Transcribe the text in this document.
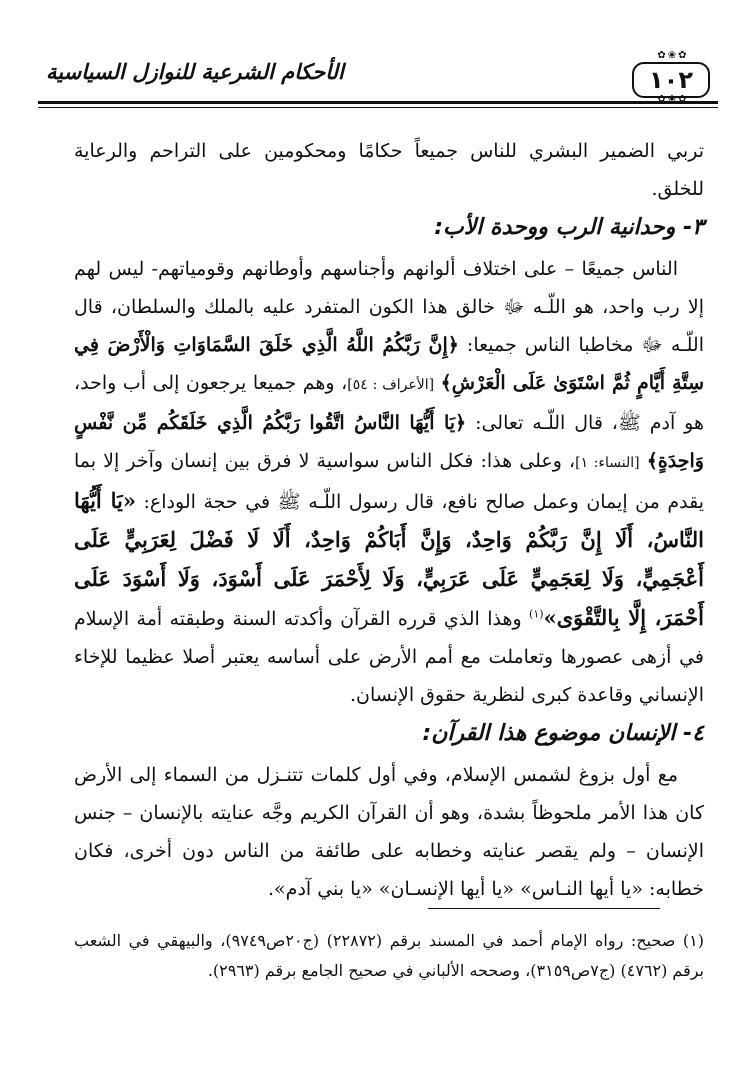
الأحكام الشرعية للنوازل السياسية
✿❀✿
١٠٢
✿❀✿

تربي الضمير البشري للناس جميعاً حكامًا ومحكومين على التراحم والرعاية للخلق.

٣- وحدانية الرب ووحدة الأب:

الناس جميعًا – على اختلاف ألوانهم وأجناسهم وأوطانهم وقومياتهم- ليس لهم إلا رب واحد، هو اللّـه ﷻ خالق هذا الكون المتفرد عليه بالملك والسلطان، قال اللّـه ﷻ مخاطبا الناس جميعا: ﴿إِنَّ رَبَّكُمُ اللَّهُ الَّذِي خَلَقَ السَّمَاوَاتِ وَالْأَرْضَ فِي سِتَّةِ أَيَّامٍ ثُمَّ اسْتَوَىٰ عَلَى الْعَرْشِ﴾ [الأعراف : ٥٤]، وهم جميعا يرجعون إلى أب واحد، هو آدم ﷺ، قال اللّـه تعالى: ﴿يَا أَيُّهَا النَّاسُ اتَّقُوا رَبَّكُمُ الَّذِي خَلَقَكُم مِّن نَّفْسٍ وَاحِدَةٍ﴾ [النساء: ١]، وعلى هذا: فكل الناس سواسية لا فرق بين إنسان وآخر إلا بما يقدم من إيمان وعمل صالح نافع، قال رسول اللّـه ﷺ في حجة الوداع: «يَا أَيُّهَا النَّاسُ، أَلَا إِنَّ رَبَّكُمْ وَاحِدٌ، وَإِنَّ أَبَاكُمْ وَاحِدٌ، أَلَا لَا فَضْلَ لِعَرَبِيٍّ عَلَى أَعْجَمِيٍّ، وَلَا لِعَجَمِيٍّ عَلَى عَرَبِيٍّ، وَلَا لِأَحْمَرَ عَلَى أَسْوَدَ، وَلَا أَسْوَدَ عَلَى أَحْمَرَ، إِلَّا بِالتَّقْوَى»$^{(١)}$ وهذا الذي قرره القرآن وأكدته السنة وطبقته أمة الإسلام في أزهى عصورها وتعاملت مع أمم الأرض على أساسه يعتبر أصلا عظيما للإخاء الإنساني وقاعدة كبرى لنظرية حقوق الإنسان.

٤- الإنسان موضوع هذا القرآن:

مع أول بزوغ لشمس الإسلام، وفي أول كلمات تتنـزل من السماء إلى الأرض كان هذا الأمر ملحوظاً بشدة، وهو أن القرآن الكريم وجَّه عنايته بالإنسان – جنس الإنسان – ولم يقصر عنايته وخطابه على طائفة من الناس دون أخرى، فكان خطابه: «يا أيها النـاس» «يا أيها الإنسـان» «يا بني آدم».

(١) صحيح: رواه الإمام أحمد في المسند برقم (٢٢٨٧٢) (ج٢٠ص٩٧٤٩)، والبيهقي في الشعب برقم (٤٧٦٢) (ج٧ص٣١٥٩)، وصححه الألباني في صحيح الجامع برقم (٢٩٦٣).
